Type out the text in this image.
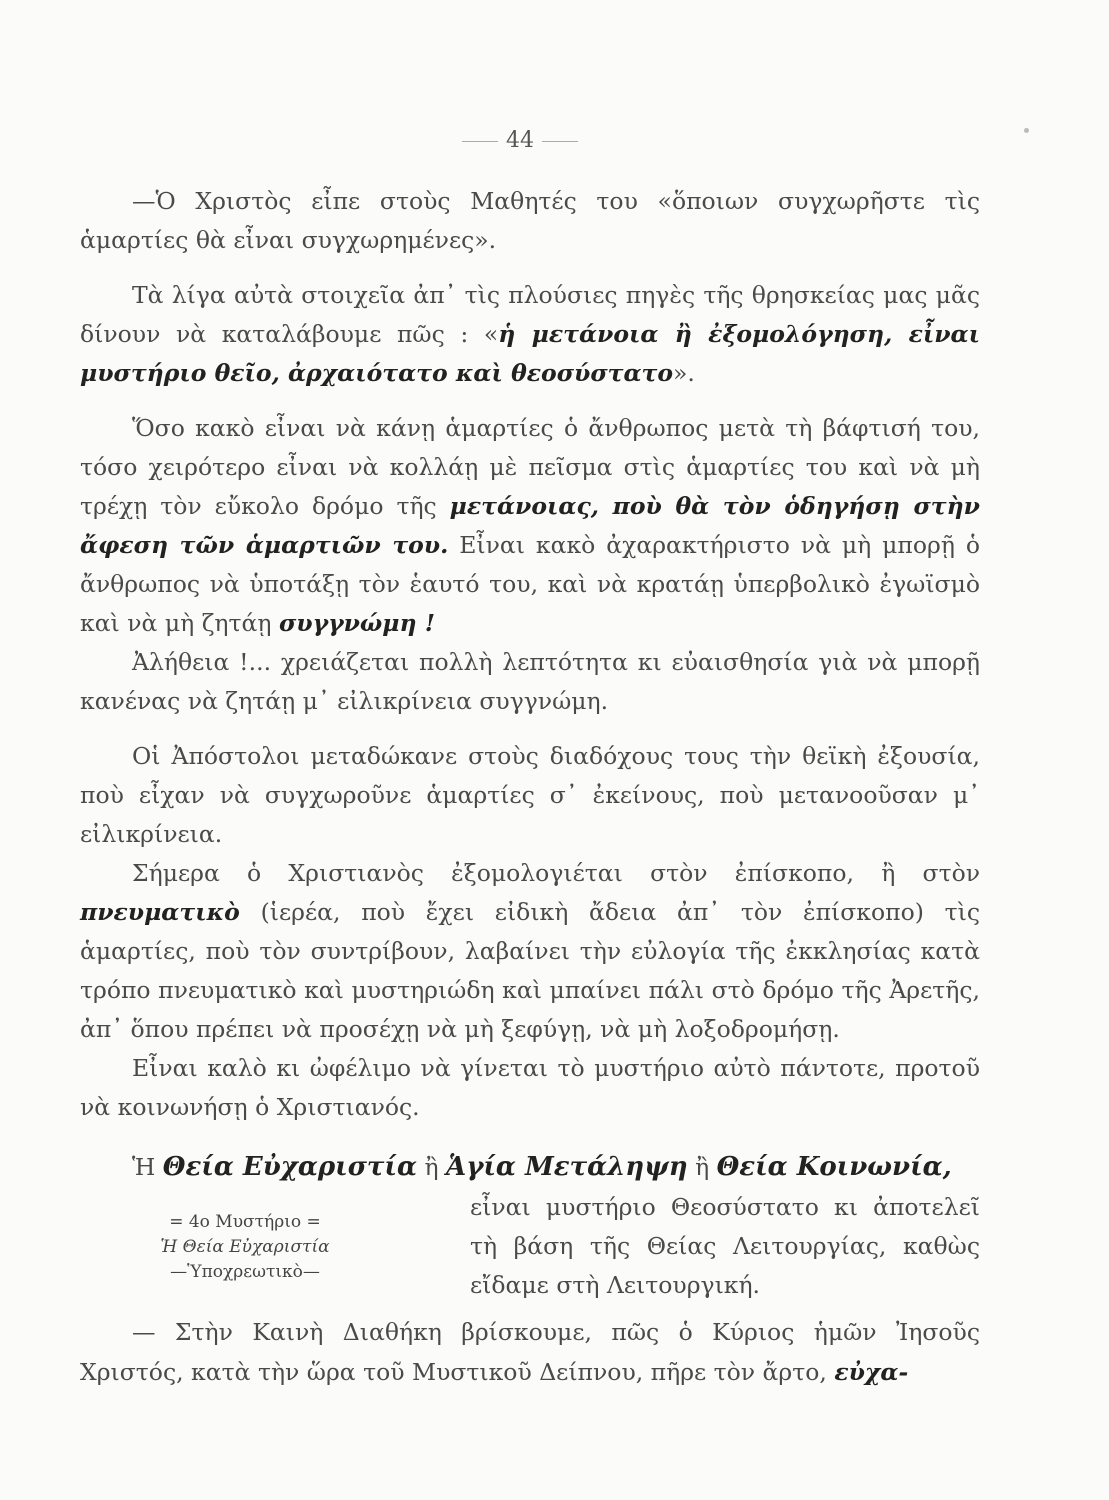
44

—Ὁ Χριστὸς εἶπε στοὺς Μαθητές του «ὅποιων συγχωρῆστε τὶς ἁμαρτίες θὰ εἶναι συγχωρημένες».

Τὰ λίγα αὐτὰ στοιχεῖα ἀπ᾽ τὶς πλούσιες πηγὲς τῆς θρησκείας μας μᾶς δίνουν νὰ καταλάβουμε πῶς : «ἡ μετάνοια ἢ ἐξομολόγηση, εἶναι μυστήριο θεῖο, ἀρχαιότατο καὶ θεοσύστατο».

Ὅσο κακὸ εἶναι νὰ κάνῃ ἁμαρτίες ὁ ἄνθρωπος μετὰ τὴ βάφτισή του, τόσο χειρότερο εἶναι νὰ κολλάῃ μὲ πεῖσμα στὶς ἁμαρτίες του καὶ νὰ μὴ τρέχῃ τὸν εὔκολο δρόμο τῆς μετάνοιας, ποὺ θὰ τὸν ὁδηγήσῃ στὴν ἄφεση τῶν ἁμαρτιῶν του. Εἶναι κακὸ ἀχαρακτήριστο νὰ μὴ μπορῇ ὁ ἄνθρωπος νὰ ὑποτάξῃ τὸν ἑαυτό του, καὶ νὰ κρατάῃ ὑπερβολικὸ ἐγωϊσμὸ καὶ νὰ μὴ ζητάῃ συγγνώμη !

Ἀλήθεια !... χρειάζεται πολλὴ λεπτότητα κι εὐαισθησία γιὰ νὰ μπορῇ κανένας νὰ ζητάῃ μ᾽ εἰλικρίνεια συγγνώμη.

Οἱ Ἀπόστολοι μεταδώκανε στοὺς διαδόχους τους τὴν θεϊκὴ ἐξουσία, ποὺ εἶχαν νὰ συγχωροῦνε ἁμαρτίες σ᾽ ἐκείνους, ποὺ μετανοοῦσαν μ᾽ εἰλικρίνεια.

Σήμερα ὁ Χριστιανὸς ἐξομολογιέται στὸν ἐπίσκοπο, ἢ στὸν πνευματικὸ (ἱερέα, ποὺ ἔχει εἰδικὴ ἄδεια ἀπ᾽ τὸν ἐπίσκοπο) τὶς ἁμαρτίες, ποὺ τὸν συντρίβουν, λαβαίνει τὴν εὐλογία τῆς ἐκκλησίας κατὰ τρόπο πνευματικὸ καὶ μυστηριώδη καὶ μπαίνει πάλι στὸ δρόμο τῆς Ἀρετῆς, ἀπ᾽ ὅπου πρέπει νὰ προσέχῃ νὰ μὴ ξεφύγῃ, νὰ μὴ λοξοδρομήσῃ.

Εἶναι καλὸ κι ὠφέλιμο νὰ γίνεται τὸ μυστήριο αὐτὸ πάντοτε, προτοῦ νὰ κοινωνήσῃ ὁ Χριστιανός.

Ἡ Θεία Εὐχαριστία ἢ Ἁγία Μετάληψη ἢ Θεία Κοινωνία,
= 4ο Μυστήριο =
Ἡ Θεία Εὐχαριστία
—Ὑποχρεωτικὸ—
εἶναι μυστήριο Θεοσύστατο κι ἀποτελεῖ τὴ βάση τῆς Θείας Λειτουργίας, καθὼς εἴδαμε στὴ Λειτουργική.
— Στὴν Καινὴ Διαθήκη βρίσκουμε, πῶς ὁ Κύριος ἡμῶν Ἰησοῦς Χριστός, κατὰ τὴν ὥρα τοῦ Μυστικοῦ Δείπνου, πῆρε τὸν ἄρτο, εὐχα-
